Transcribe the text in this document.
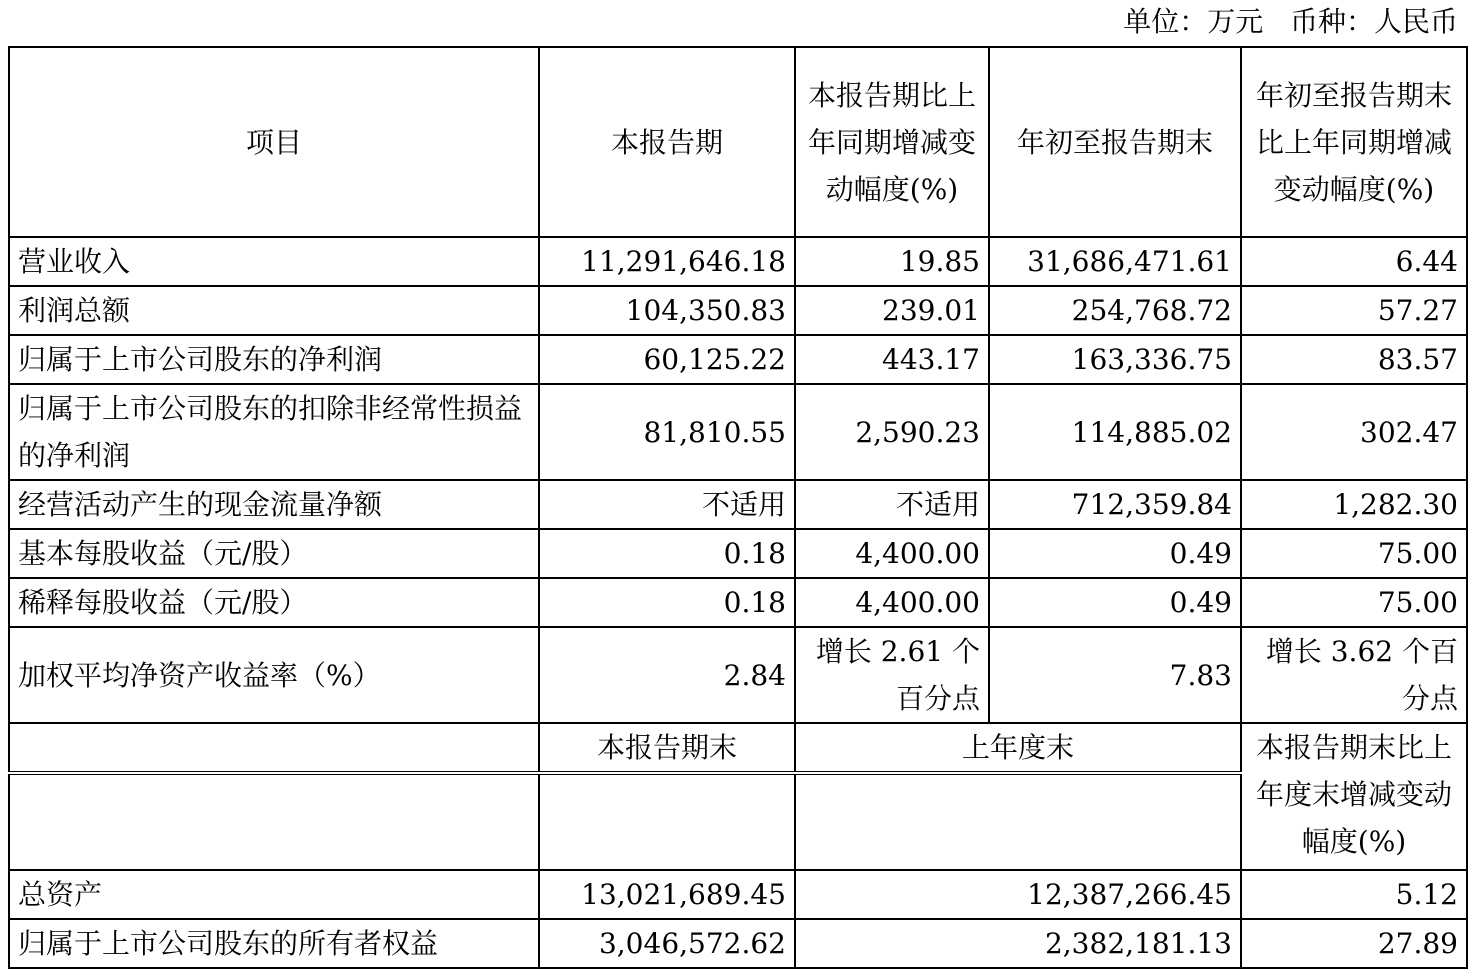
单位：万元   币种：人民币
项目	本报告期	本报告期比上年同期增减变动幅度(%)	年初至报告期末	年初至报告期末比上年同期增减变动幅度(%)
营业收入	11,291,646.18	19.85	31,686,471.61	6.44
利润总额	104,350.83	239.01	254,768.72	57.27
归属于上市公司股东的净利润	60,125.22	443.17	163,336.75	83.57
归属于上市公司股东的扣除非经常性损益的净利润	81,810.55	2,590.23	114,885.02	302.47
经营活动产生的现金流量净额	不适用	不适用	712,359.84	1,282.30
基本每股收益（元/股）	0.18	4,400.00	0.49	75.00
稀释每股收益（元/股）	0.18	4,400.00	0.49	75.00
加权平均净资产收益率（%）	2.84	增长 2.61 个百分点	7.83	增长 3.62 个百分点
	本报告期末	上年度末		本报告期末比上年度末增减变动幅度(%)

总资产	13,021,689.45	12,387,266.45		5.12
归属于上市公司股东的所有者权益	3,046,572.62	2,382,181.13		27.89
